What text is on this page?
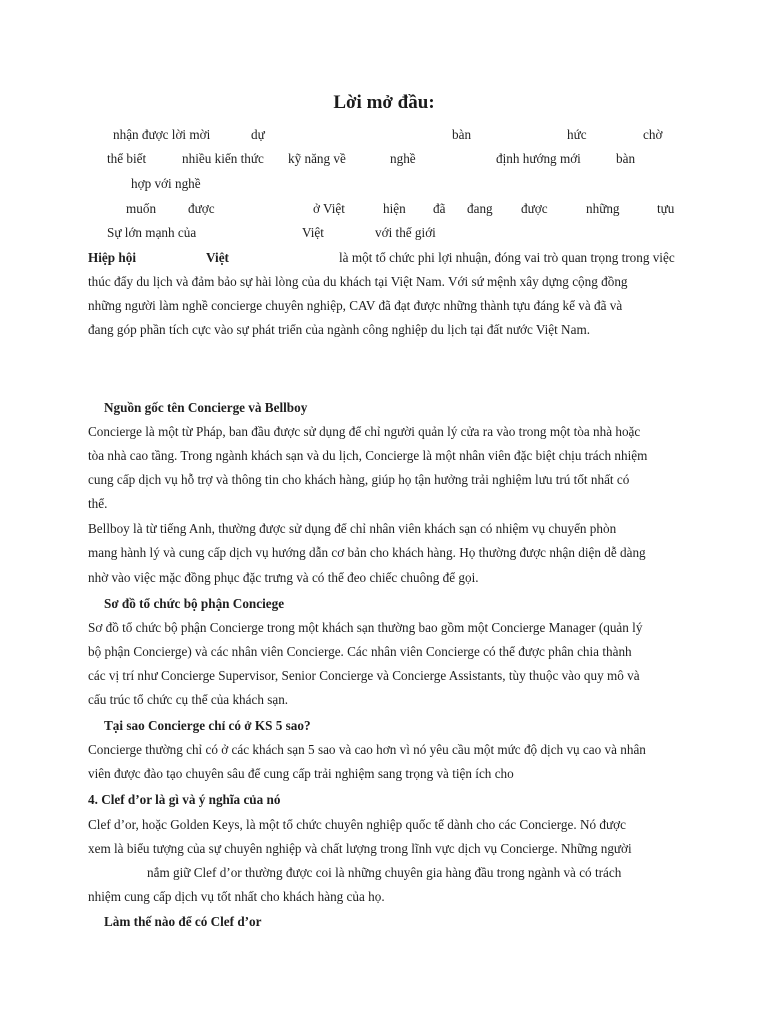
Lời mở đầu:
nhận được lời mời	dự	bàn	hức	chờ
thể biết	nhiều kiến thức kỹ năng về	nghề	định hướng mới	bàn
hợp với nghề
muốn được	ở Việt	hiện đã đang được	những	tựu
Sự lớn mạnh của	Việt	với thế giới
Hiệp hội	Việt	là một tổ chức phi lợi nhuận, đóng vai trò quan trọng trong việc
thúc đẩy du lịch và đảm bảo sự hài lòng của du khách tại Việt Nam. Với sứ mệnh xây dựng cộng đồng
những người làm nghề concierge chuyên nghiệp, CAV đã đạt được những thành tựu đáng kể và đã và
đang góp phần tích cực vào sự phát triển của ngành công nghiệp du lịch tại đất nước Việt Nam.
Nguồn gốc tên Concierge và Bellboy
Concierge là một từ Pháp, ban đầu được sử dụng để chỉ người quản lý cửa ra vào trong một tòa nhà hoặc
tòa nhà cao tầng. Trong ngành khách sạn và du lịch, Concierge là một nhân viên đặc biệt chịu trách nhiệm
cung cấp dịch vụ hỗ trợ và thông tin cho khách hàng, giúp họ tận hưởng trải nghiệm lưu trú tốt nhất có
thể.
Bellboy là từ tiếng Anh, thường được sử dụng để chỉ nhân viên khách sạn có nhiệm vụ chuyển phòn
mang hành lý và cung cấp dịch vụ hướng dẫn cơ bản cho khách hàng. Họ thường được nhận diện dễ dàng
nhờ vào việc mặc đồng phục đặc trưng và có thể đeo chiếc chuông để gọi.
Sơ đồ tổ chức bộ phận Conciege
Sơ đồ tổ chức bộ phận Concierge trong một khách sạn thường bao gồm một Concierge Manager (quản lý
bộ phận Concierge) và các nhân viên Concierge. Các nhân viên Concierge có thể được phân chia thành
các vị trí như Concierge Supervisor, Senior Concierge và Concierge Assistants, tùy thuộc vào quy mô và
cấu trúc tổ chức cụ thể của khách sạn.
Tại sao Concierge chỉ có ở KS 5 sao?
Concierge thường chỉ có ở các khách sạn 5 sao và cao hơn vì nó yêu cầu một mức độ dịch vụ cao và nhân
viên được đào tạo chuyên sâu để cung cấp trải nghiệm sang trọng và tiện ích cho
4. Clef d’or là gì và ý nghĩa của nó
Clef d’or, hoặc Golden Keys, là một tổ chức chuyên nghiệp quốc tế dành cho các Concierge. Nó được
xem là biểu tượng của sự chuyên nghiệp và chất lượng trong lĩnh vực dịch vụ Concierge. Những người
nắm giữ Clef d’or thường được coi là những chuyên gia hàng đầu trong ngành và có trách
nhiệm cung cấp dịch vụ tốt nhất cho khách hàng của họ.
Làm thế nào để có Clef d’or
